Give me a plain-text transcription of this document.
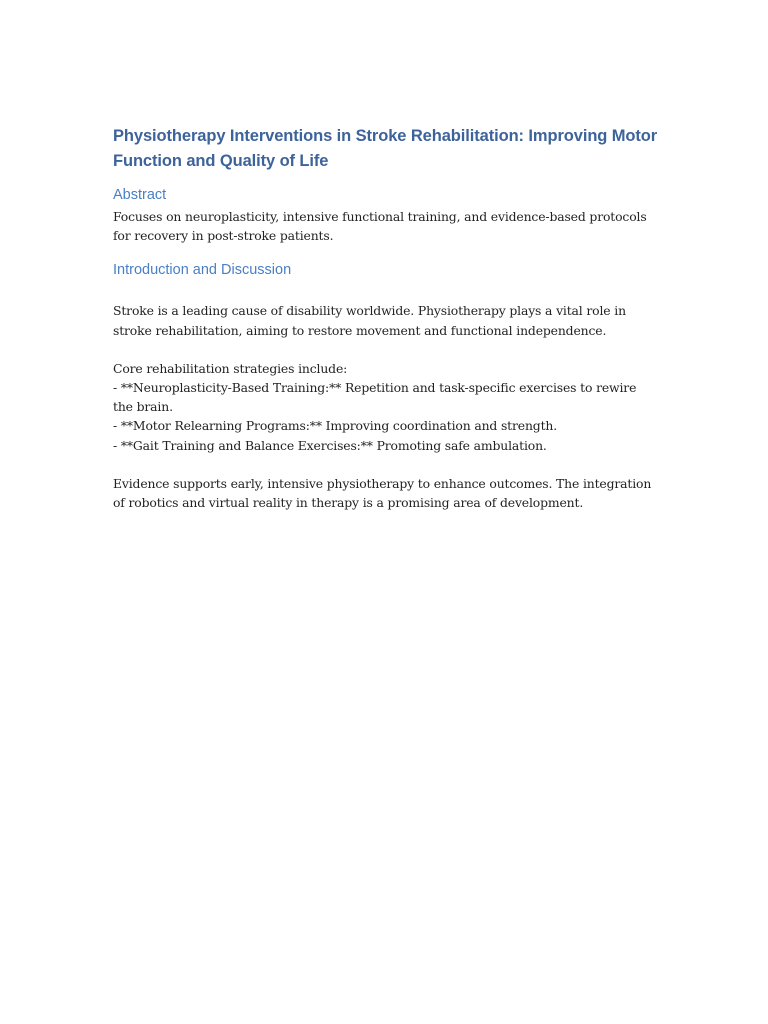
Physiotherapy Interventions in Stroke Rehabilitation: Improving Motor Function and Quality of Life
Abstract

Focuses on neuroplasticity, intensive functional training, and evidence-based protocols for recovery in post-stroke patients.

Introduction and Discussion

Stroke is a leading cause of disability worldwide. Physiotherapy plays a vital role in stroke rehabilitation, aiming to restore movement and functional independence.

Core rehabilitation strategies include:

- **Neuroplasticity-Based Training:** Repetition and task-specific exercises to rewire the brain.

- **Motor Relearning Programs:** Improving coordination and strength.

- **Gait Training and Balance Exercises:** Promoting safe ambulation.

Evidence supports early, intensive physiotherapy to enhance outcomes. The integration of robotics and virtual reality in therapy is a promising area of development.
